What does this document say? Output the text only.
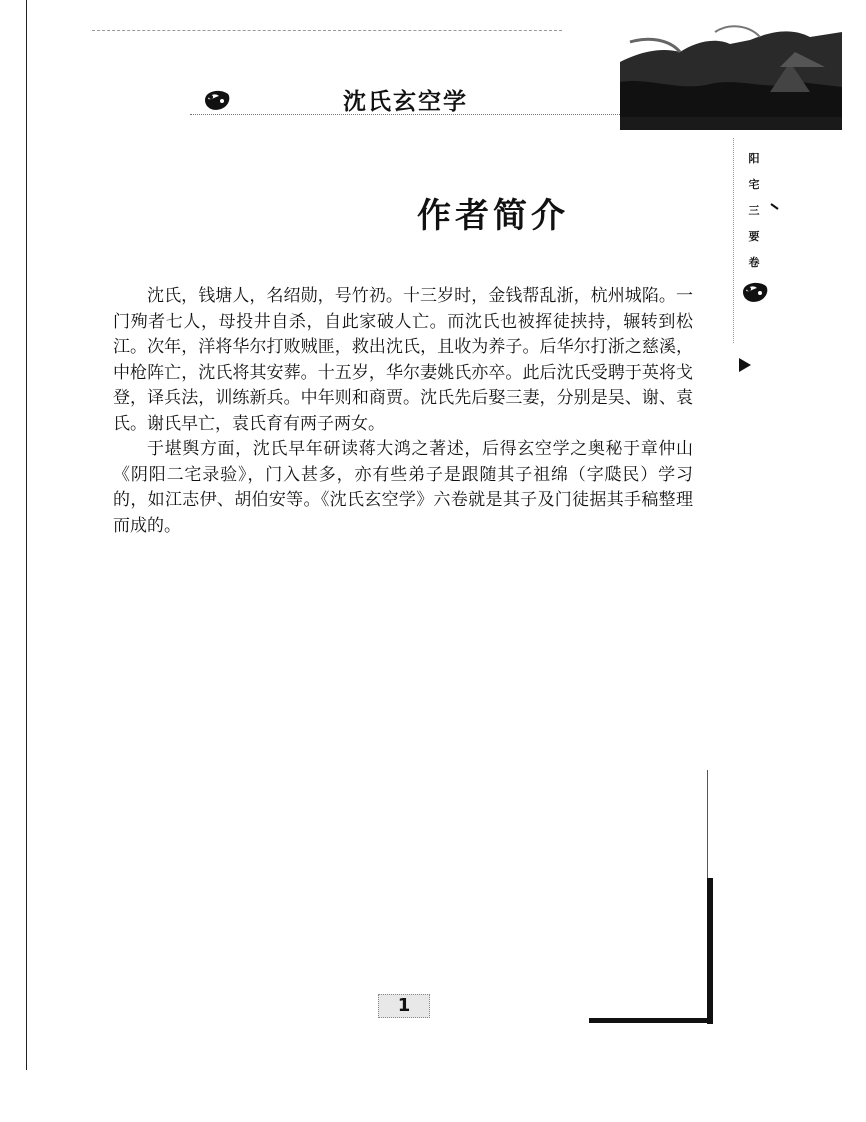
沈氏玄空学
阳
宅
三
要
卷
作者简介

沈氏，钱塘人，名绍勋，号竹礽。十三岁时，金钱帮乱浙，杭州城陷。一门殉者七人，母投井自杀，自此家破人亡。而沈氏也被挥徒挟持，辗转到松江。次年，洋将华尔打败贼匪，救出沈氏，且收为养子。后华尔打浙之慈溪，中枪阵亡，沈氏将其安葬。十五岁，华尔妻姚氏亦卒。此后沈氏受聘于英将戈登，译兵法，训练新兵。中年则和商贾。沈氏先后娶三妻，分别是吴、谢、袁氏。谢氏早亡，袁氏育有两子两女。

于堪舆方面，沈氏早年研读蒋大鸿之著述，后得玄空学之奥秘于章仲山《阴阳二宅录验》，门入甚多，亦有些弟子是跟随其子祖绵（字瓞民）学习的，如江志伊、胡伯安等。《沈氏玄空学》六卷就是其子及门徒据其手稿整理而成的。

1
